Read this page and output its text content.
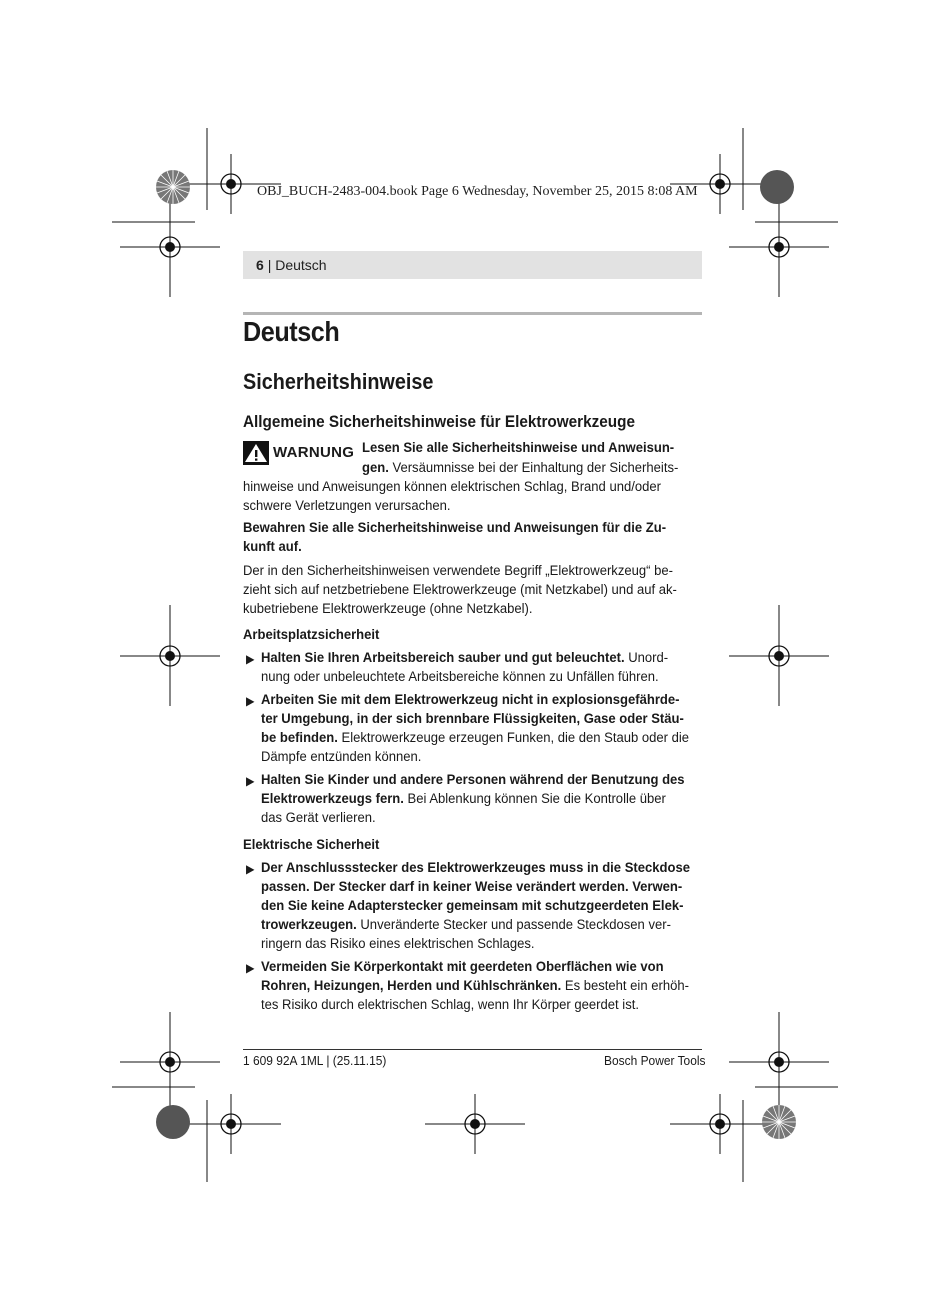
OBJ_BUCH-2483-004.book Page 6 Wednesday, November 25, 2015 8:08 AM
6 | Deutsch
Deutsch
Sicherheitshinweise
Allgemeine Sicherheitshinweise für Elektrowerkzeuge
WARNUNG Lesen Sie alle Sicherheitshinweise und Anweisun-
gen. Versäumnisse bei der Einhaltung der Sicherheits-
hinweise und Anweisungen können elektrischen Schlag, Brand und/oder
schwere Verletzungen verursachen.
Bewahren Sie alle Sicherheitshinweise und Anweisungen für die Zu-
kunft auf.
Der in den Sicherheitshinweisen verwendete Begriff „Elektrowerkzeug“ be-
zieht sich auf netzbetriebene Elektrowerkzeuge (mit Netzkabel) und auf ak-
kubetriebene Elektrowerkzeuge (ohne Netzkabel).
Arbeitsplatzsicherheit
▶ Halten Sie Ihren Arbeitsbereich sauber und gut beleuchtet. Unord-
nung oder unbeleuchtete Arbeitsbereiche können zu Unfällen führen.
▶ Arbeiten Sie mit dem Elektrowerkzeug nicht in explosionsgefährde-
ter Umgebung, in der sich brennbare Flüssigkeiten, Gase oder Stäu-
be befinden. Elektrowerkzeuge erzeugen Funken, die den Staub oder die
Dämpfe entzünden können.
▶ Halten Sie Kinder und andere Personen während der Benutzung des
Elektrowerkzeugs fern. Bei Ablenkung können Sie die Kontrolle über
das Gerät verlieren.
Elektrische Sicherheit
▶ Der Anschlussstecker des Elektrowerkzeuges muss in die Steckdose
passen. Der Stecker darf in keiner Weise verändert werden. Verwen-
den Sie keine Adapterstecker gemeinsam mit schutzgeerdeten Elek-
trowerkzeugen. Unveränderte Stecker und passende Steckdosen ver-
ringern das Risiko eines elektrischen Schlages.
▶ Vermeiden Sie Körperkontakt mit geerdeten Oberflächen wie von
Rohren, Heizungen, Herden und Kühlschränken. Es besteht ein erhöh-
tes Risiko durch elektrischen Schlag, wenn Ihr Körper geerdet ist.
1 609 92A 1ML | (25.11.15)	Bosch Power Tools
